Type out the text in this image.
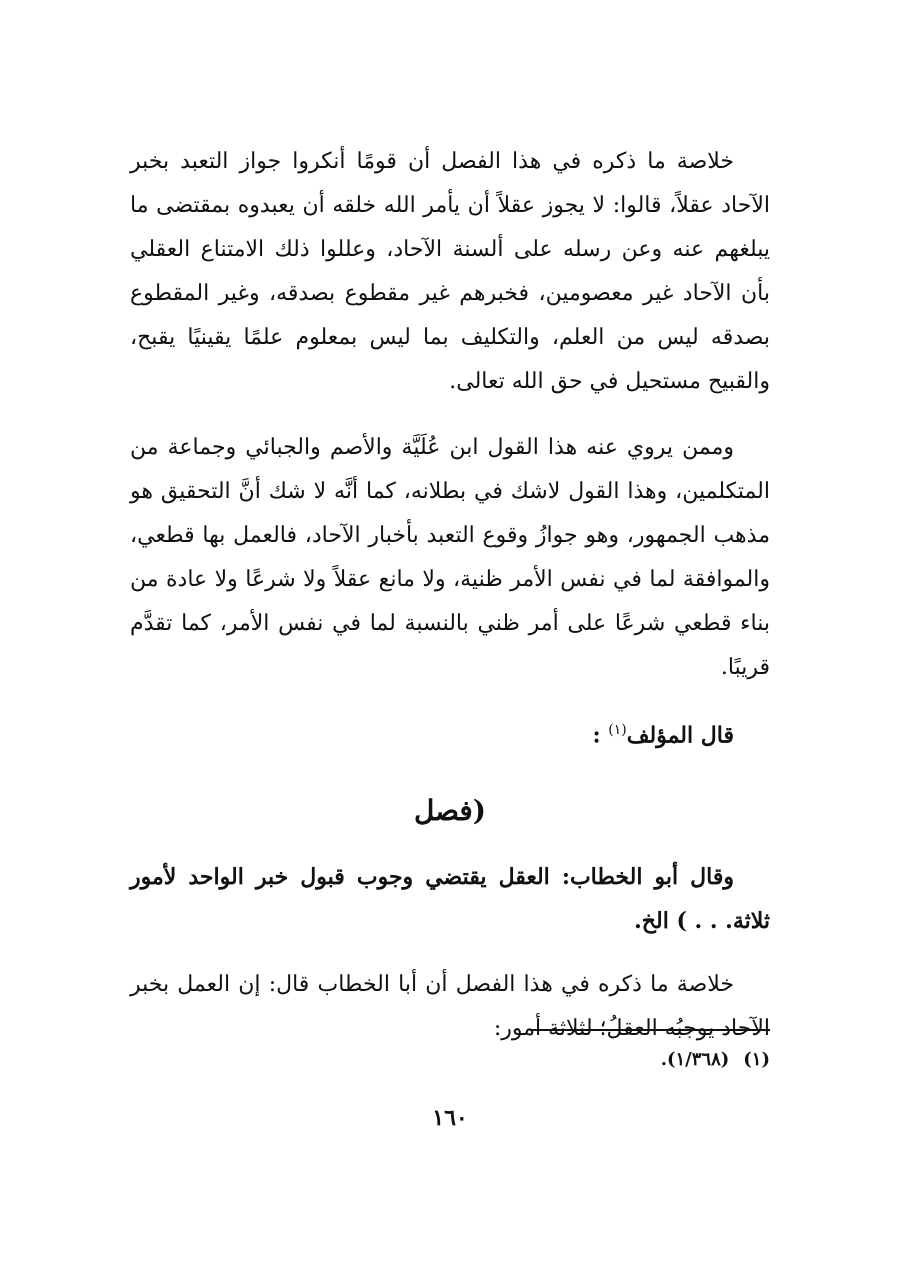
خلاصة ما ذكره في هذا الفصل أن قومًا أنكروا جواز التعبد بخبر الآحاد عقلاً، قالوا: لا يجوز عقلاً أن يأمر الله خلقه أن يعبدوه بمقتضى ما يبلغهم عنه وعن رسله على ألسنة الآحاد، وعللوا ذلك الامتناع العقلي بأن الآحاد غير معصومين، فخبرهم غير مقطوع بصدقه، وغير المقطوع بصدقه ليس من العلم، والتكليف بما ليس بمعلوم علمًا يقينيًا يقبح، والقبيح مستحيل في حق الله تعالى.

وممن يروي عنه هذا القول ابن عُلَيَّة والأصم والجبائي وجماعة من المتكلمين، وهذا القول لاشك في بطلانه، كما أنَّه لا شك أنَّ التحقيق هو مذهب الجمهور، وهو جوازُ وقوع التعبد بأخبار الآحاد، فالعمل بها قطعي، والموافقة لما في نفس الأمر ظنية، ولا مانع عقلاً ولا شرعًا ولا عادة من بناء قطعي شرعًا على أمر ظني بالنسبة لما في نفس الأمر، كما تقدَّم قريبًا.

قال المؤلف$^{(١)}$ :
(فصل

وقال أبو الخطاب: العقل يقتضي وجوب قبول خبر الواحد لأمور ثلاثة. . . ) الخ.

خلاصة ما ذكره في هذا الفصل أن أبا الخطاب قال: إن العمل بخبر الآحاد يوجبُه العقلُ؛ لثلاثة أمور:

(١)(١/٣٦٨).
١٦٠
